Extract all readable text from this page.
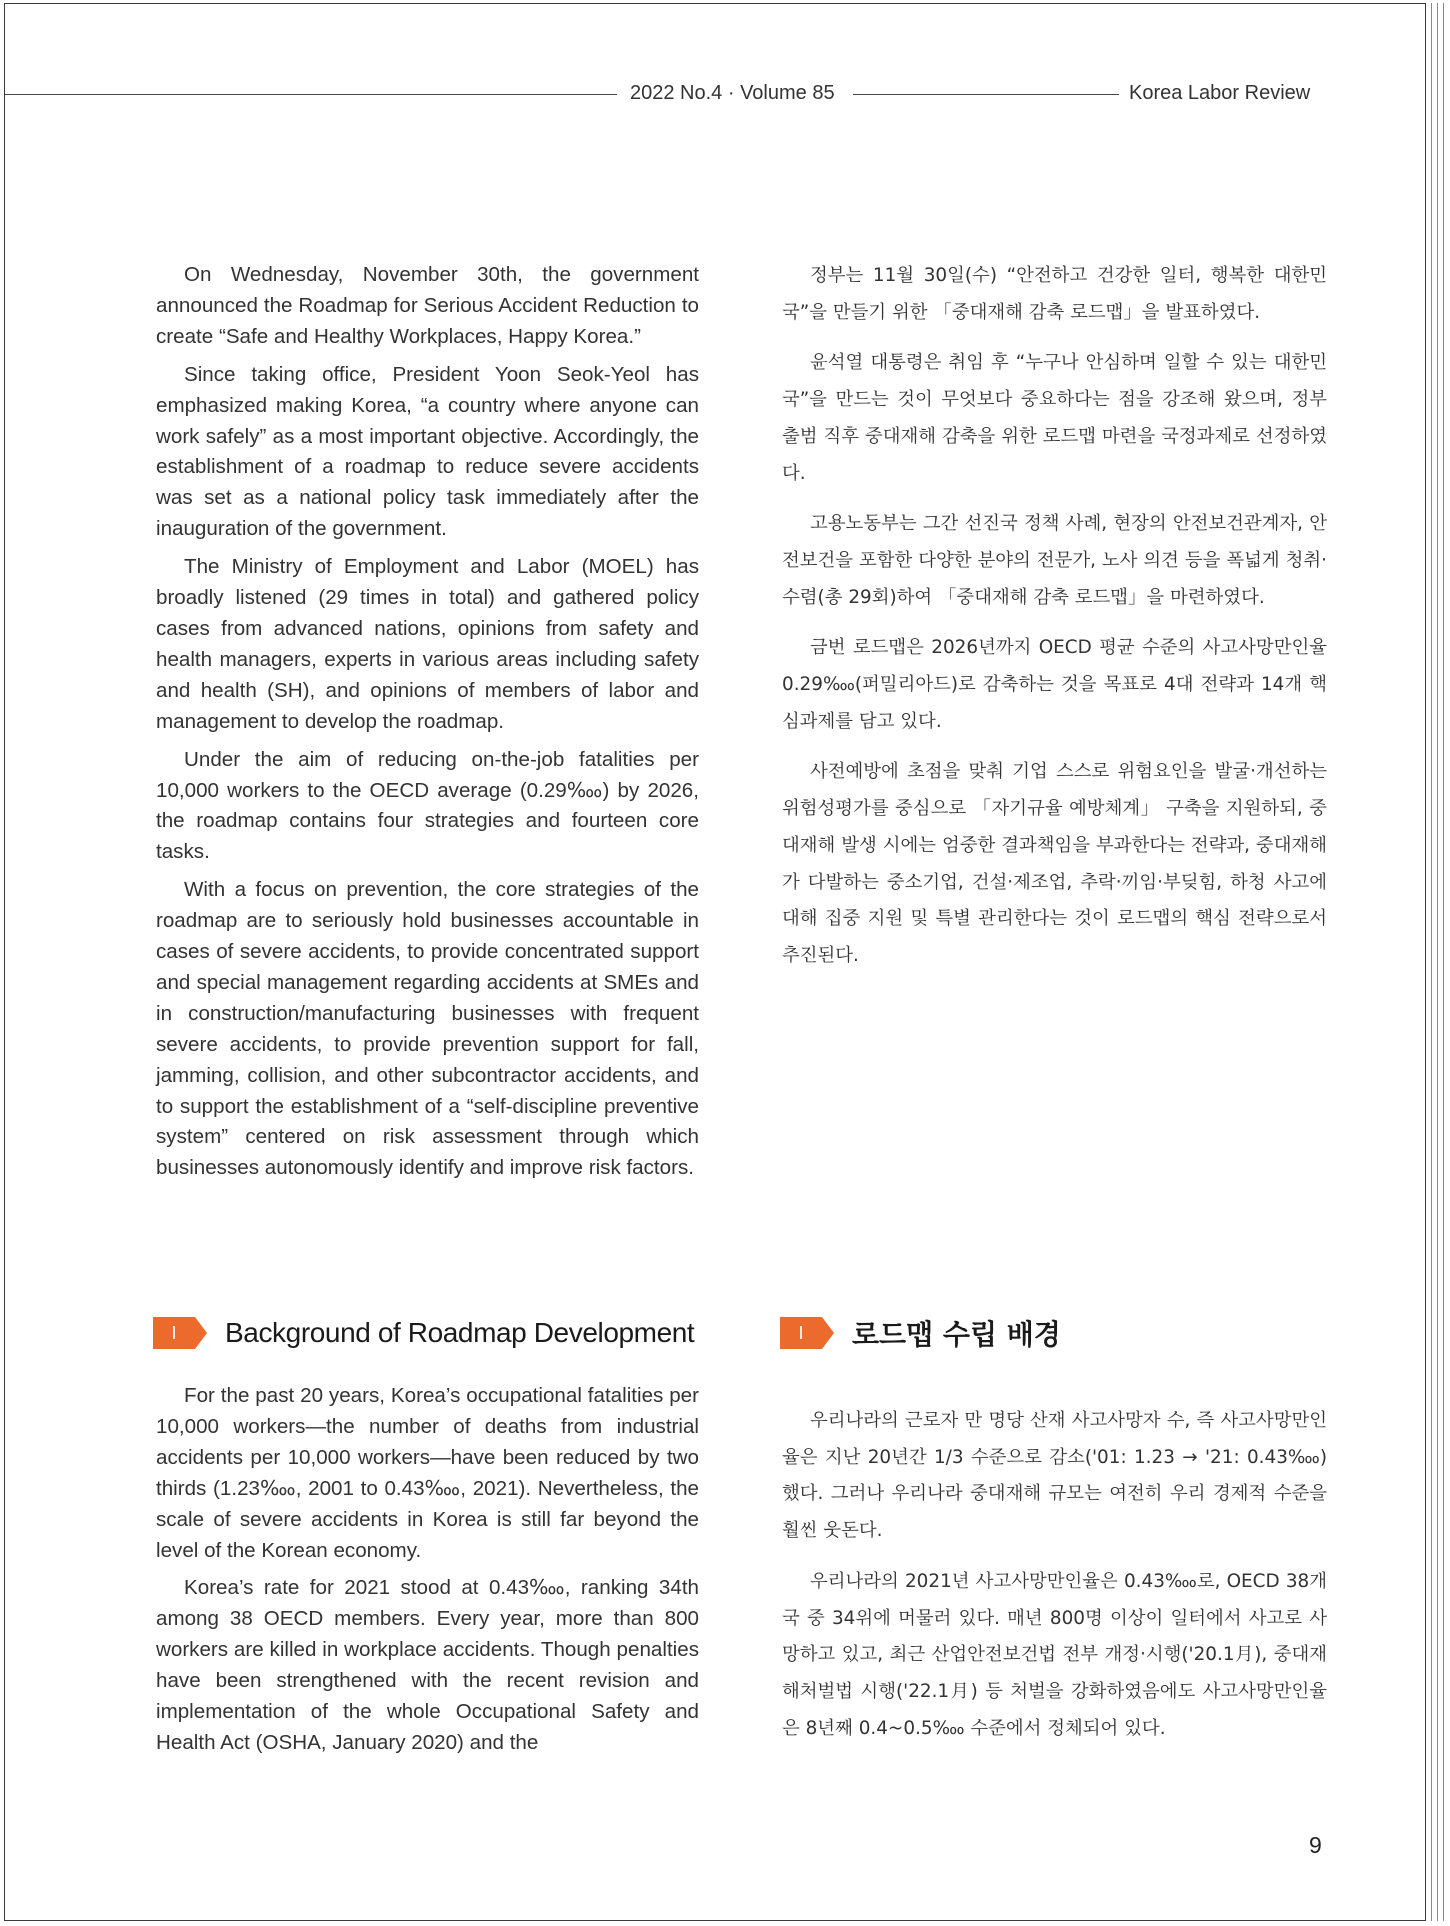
2022 No.4 · Volume 85	Korea Labor Review

On Wednesday, November 30th, the government announced the Roadmap for Serious Accident Reduction to create “Safe and Healthy Workplaces, Happy Korea.”

Since taking office, President Yoon Seok-Yeol has emphasized making Korea, “a country where anyone can work safely” as a most important objective. Accordingly, the establishment of a roadmap to reduce severe accidents was set as a national policy task immediately after the inauguration of the government.

The Ministry of Employment and Labor (MOEL) has broadly listened (29 times in total) and gathered policy cases from advanced nations, opinions from safety and health managers, experts in various areas including safety and health (SH), and opinions of members of labor and management to develop the roadmap.

Under the aim of reducing on-the-job fatalities per 10,000 workers to the OECD average (0.29‱) by 2026, the roadmap contains four strategies and fourteen core tasks.

With a focus on prevention, the core strategies of the roadmap are to seriously hold businesses accountable in cases of severe accidents, to provide concentrated support and special management regarding accidents at SMEs and in construction/manufacturing businesses with frequent severe accidents, to provide prevention support for fall, jamming, collision, and other subcontractor accidents, and to support the establishment of a “self-discipline preventive system” centered on risk assessment through which businesses autonomously identify and improve risk factors.

정부는 11월 30일(수) “안전하고 건강한 일터, 행복한 대한민국”을 만들기 위한 「중대재해 감축 로드맵」을 발표하였다.

윤석열 대통령은 취임 후 “누구나 안심하며 일할 수 있는 대한민국”을 만드는 것이 무엇보다 중요하다는 점을 강조해 왔으며, 정부 출범 직후 중대재해 감축을 위한 로드맵 마련을 국정과제로 선정하였다.

고용노동부는 그간 선진국 정책 사례, 현장의 안전보건관계자, 안전보건을 포함한 다양한 분야의 전문가, 노사 의견 등을 폭넓게 청취·수렴(총 29회)하여 「중대재해 감축 로드맵」을 마련하였다.

금번 로드맵은 2026년까지 OECD 평균 수준의 사고사망만인율 0.29‱(퍼밀리아드)로 감축하는 것을 목표로 4대 전략과 14개 핵심과제를 담고 있다.

사전예방에 초점을 맞춰 기업 스스로 위험요인을 발굴·개선하는 위험성평가를 중심으로 「자기규율 예방체계」 구축을 지원하되, 중대재해 발생 시에는 엄중한 결과책임을 부과한다는 전략과, 중대재해가 다발하는 중소기업, 건설·제조업, 추락·끼임·부딪힘, 하청 사고에 대해 집중 지원 및 특별 관리한다는 것이 로드맵의 핵심 전략으로서 추진된다.

I	Background of Roadmap Development	I	로드맵 수립 배경

For the past 20 years, Korea’s occupational fatalities per 10,000 workers—the number of deaths from industrial accidents per 10,000 workers—have been reduced by two thirds (1.23‱, 2001 to 0.43‱, 2021). Nevertheless, the scale of severe accidents in Korea is still far beyond the level of the Korean economy.

Korea’s rate for 2021 stood at 0.43‱, ranking 34th among 38 OECD members. Every year, more than 800 workers are killed in workplace accidents. Though penalties have been strengthened with the recent revision and implementation of the whole Occupational Safety and Health Act (OSHA, January 2020) and the

우리나라의 근로자 만 명당 산재 사고사망자 수, 즉 사고사망만인율은 지난 20년간 1/3 수준으로 감소('01: 1.23 → '21: 0.43‱)했다. 그러나 우리나라 중대재해 규모는 여전히 우리 경제적 수준을 훨씬 웃돈다.

우리나라의 2021년 사고사망만인율은 0.43‱로, OECD 38개국 중 34위에 머물러 있다. 매년 800명 이상이 일터에서 사고로 사망하고 있고, 최근 산업안전보건법 전부 개정·시행('20.1月), 중대재해처벌법 시행('22.1月) 등 처벌을 강화하였음에도 사고사망만인율은 8년째 0.4~0.5‱ 수준에서 정체되어 있다.

9
